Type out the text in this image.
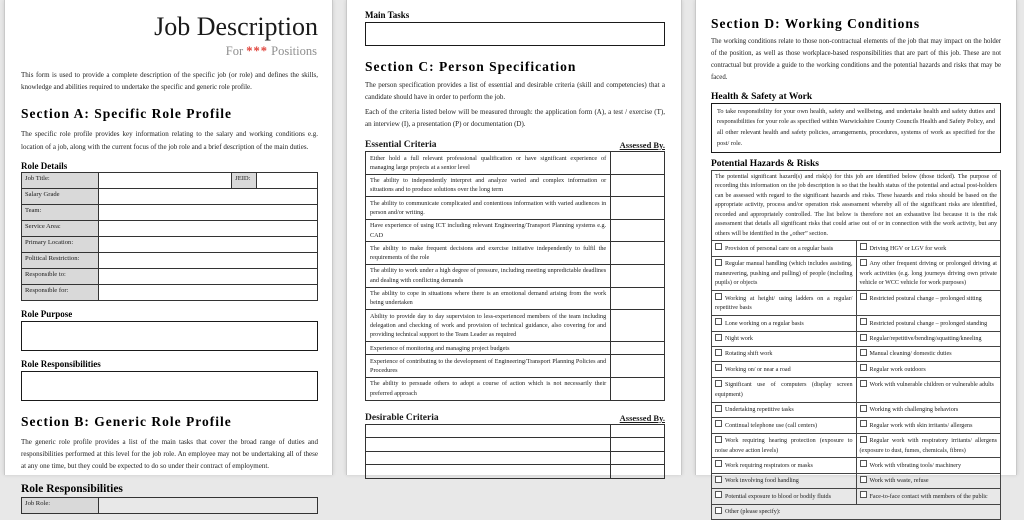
Job Description
For *** Positions

This form is used to provide a complete description of the specific job (or role) and defines the skills, knowledge and abilities required to undertake the specific and generic role profile.

Section A: Specific Role Profile

The specific role profile provides key information relating to the salary and working conditions e.g. location of a job, along with the current focus of the job role and a brief description of the main duties.

Role Details
Job Title:		JEID:	
Salary Grade			
Team:			
Service Area:			
Primary Location:			
Political Restriction:			
Responsible to:			
Responsible for:			
Role Purpose
Role Responsibilities
Section B: Generic Role Profile

The generic role profile provides a list of the main tasks that cover the broad range of duties and responsibilities performed at this level for the job role. An employee may not be undertaking all of these at any one time, but they could be expected to do so under their contract of employment.

Role Responsibilities
Job Role:	
Main Tasks
Section C: Person Specification

The person specification provides a list of essential and desirable criteria (skill and competencies) that a candidate should have in order to perform the job.

Each of the criteria listed below will be measured through: the application form (A), a test / exercise (T), an interview (I), a presentation (P) or documentation (D).

Essential Criteria	Assessed By.
Either hold a full relevant professional qualification or have significant experience of managing large projects at a senior level	
The ability to independently interpret and analyze varied and complex information or situations and to produce solutions over the long term	
The ability to communicate complicated and contentious information with varied audiences in person and/or writing.	
Have experience of using ICT including relevant Engineering/Transport Planning systems e.g. CAD	
The ability to make frequent decisions and exercise initiative independently to fulfil the requirements of the role	
The ability to work under a high degree of pressure, including meeting unpredictable deadlines and dealing with conflicting demands	
The ability to cope in situations where there is an emotional demand arising from the work being undertaken	
Ability to provide day to day supervision to less-experienced members of the team including delegation and checking of work and provision of technical guidance, also covering for and providing technical support to the Team Leader as required	
Experience of monitoring and managing project budgets	
Experience of contributing to the development of Engineering/Transport Planning Policies and Procedures	
The ability to persuade others to adopt a course of action which is not necessarily their preferred approach	
Desirable Criteria	Assessed By.

Section D: Working Conditions

The working conditions relate to those non-contractual elements of the job that may impact on the holder of the position, as well as those workplace-based responsibilities that are part of this job. These are not contractual but provide a guide to the working conditions and the potential hazards and risks that may be faced.

Health & Safety at Work
To take responsibility for your own health, safety and wellbeing, and undertake health and safety duties and responsibilities for your role as specified within Warwickshire County Councils Health and Safety Policy, and all other relevant health and safety policies, arrangements, procedures, systems of work as specified for the post/ role.
Potential Hazards & Risks
The potential significant hazard(s) and risk(s) for this job are identified below (those ticked). The purpose of recording this information on the job description is so that the health status of the potential and actual post-holders can be assessed with regard to the significant hazards and risks. These hazards and risks should be based on the appropriate activity, process and/or operation risk assessment whereby all of the significant risks are identified, recorded and appropriately controlled. The list below is therefore not an exhaustive list because it is the risk assessment that details all significant risks that could arise out of or in connection with the work activity, but any others will be identified in the „other” section.	
Provision of personal care on a regular basis	Driving HGV or LGV for work
Regular manual handling (which includes assisting, maneuvering, pushing and pulling) of people (including pupils) or objects	Any other frequent driving or prolonged driving at work activities (e.g. long journeys driving own private vehicle or WCC vehicle for work purposes)
Working at height/ using ladders on a regular/ repetitive basis	Restricted postural change – prolonged sitting
Lone working on a regular basis	Restricted postural change – prolonged standing
Night work	Regular/repetitive/bending/squatting/kneeling
Rotating shift work	Manual cleaning/ domestic duties
Working on/ or near a road	Regular work outdoors
Significant use of computers (display screen equipment)	Work with vulnerable children or vulnerable adults
Undertaking repetitive tasks	Working with challenging behaviors
Continual telephone use (call centers)	Regular work with skin irritants/ allergens
Work requiring hearing protection (exposure to noise above action levels)	Regular work with respiratory irritants/ allergens (exposure to dust, fumes, chemicals, fibres)
Work requiring respirators or masks	Work with vibrating tools/ machinery
Work involving food handling	Work with waste, refuse
Potential exposure to blood or bodily fluids	Face-to-face contact with members of the public
Other (please specify):	
